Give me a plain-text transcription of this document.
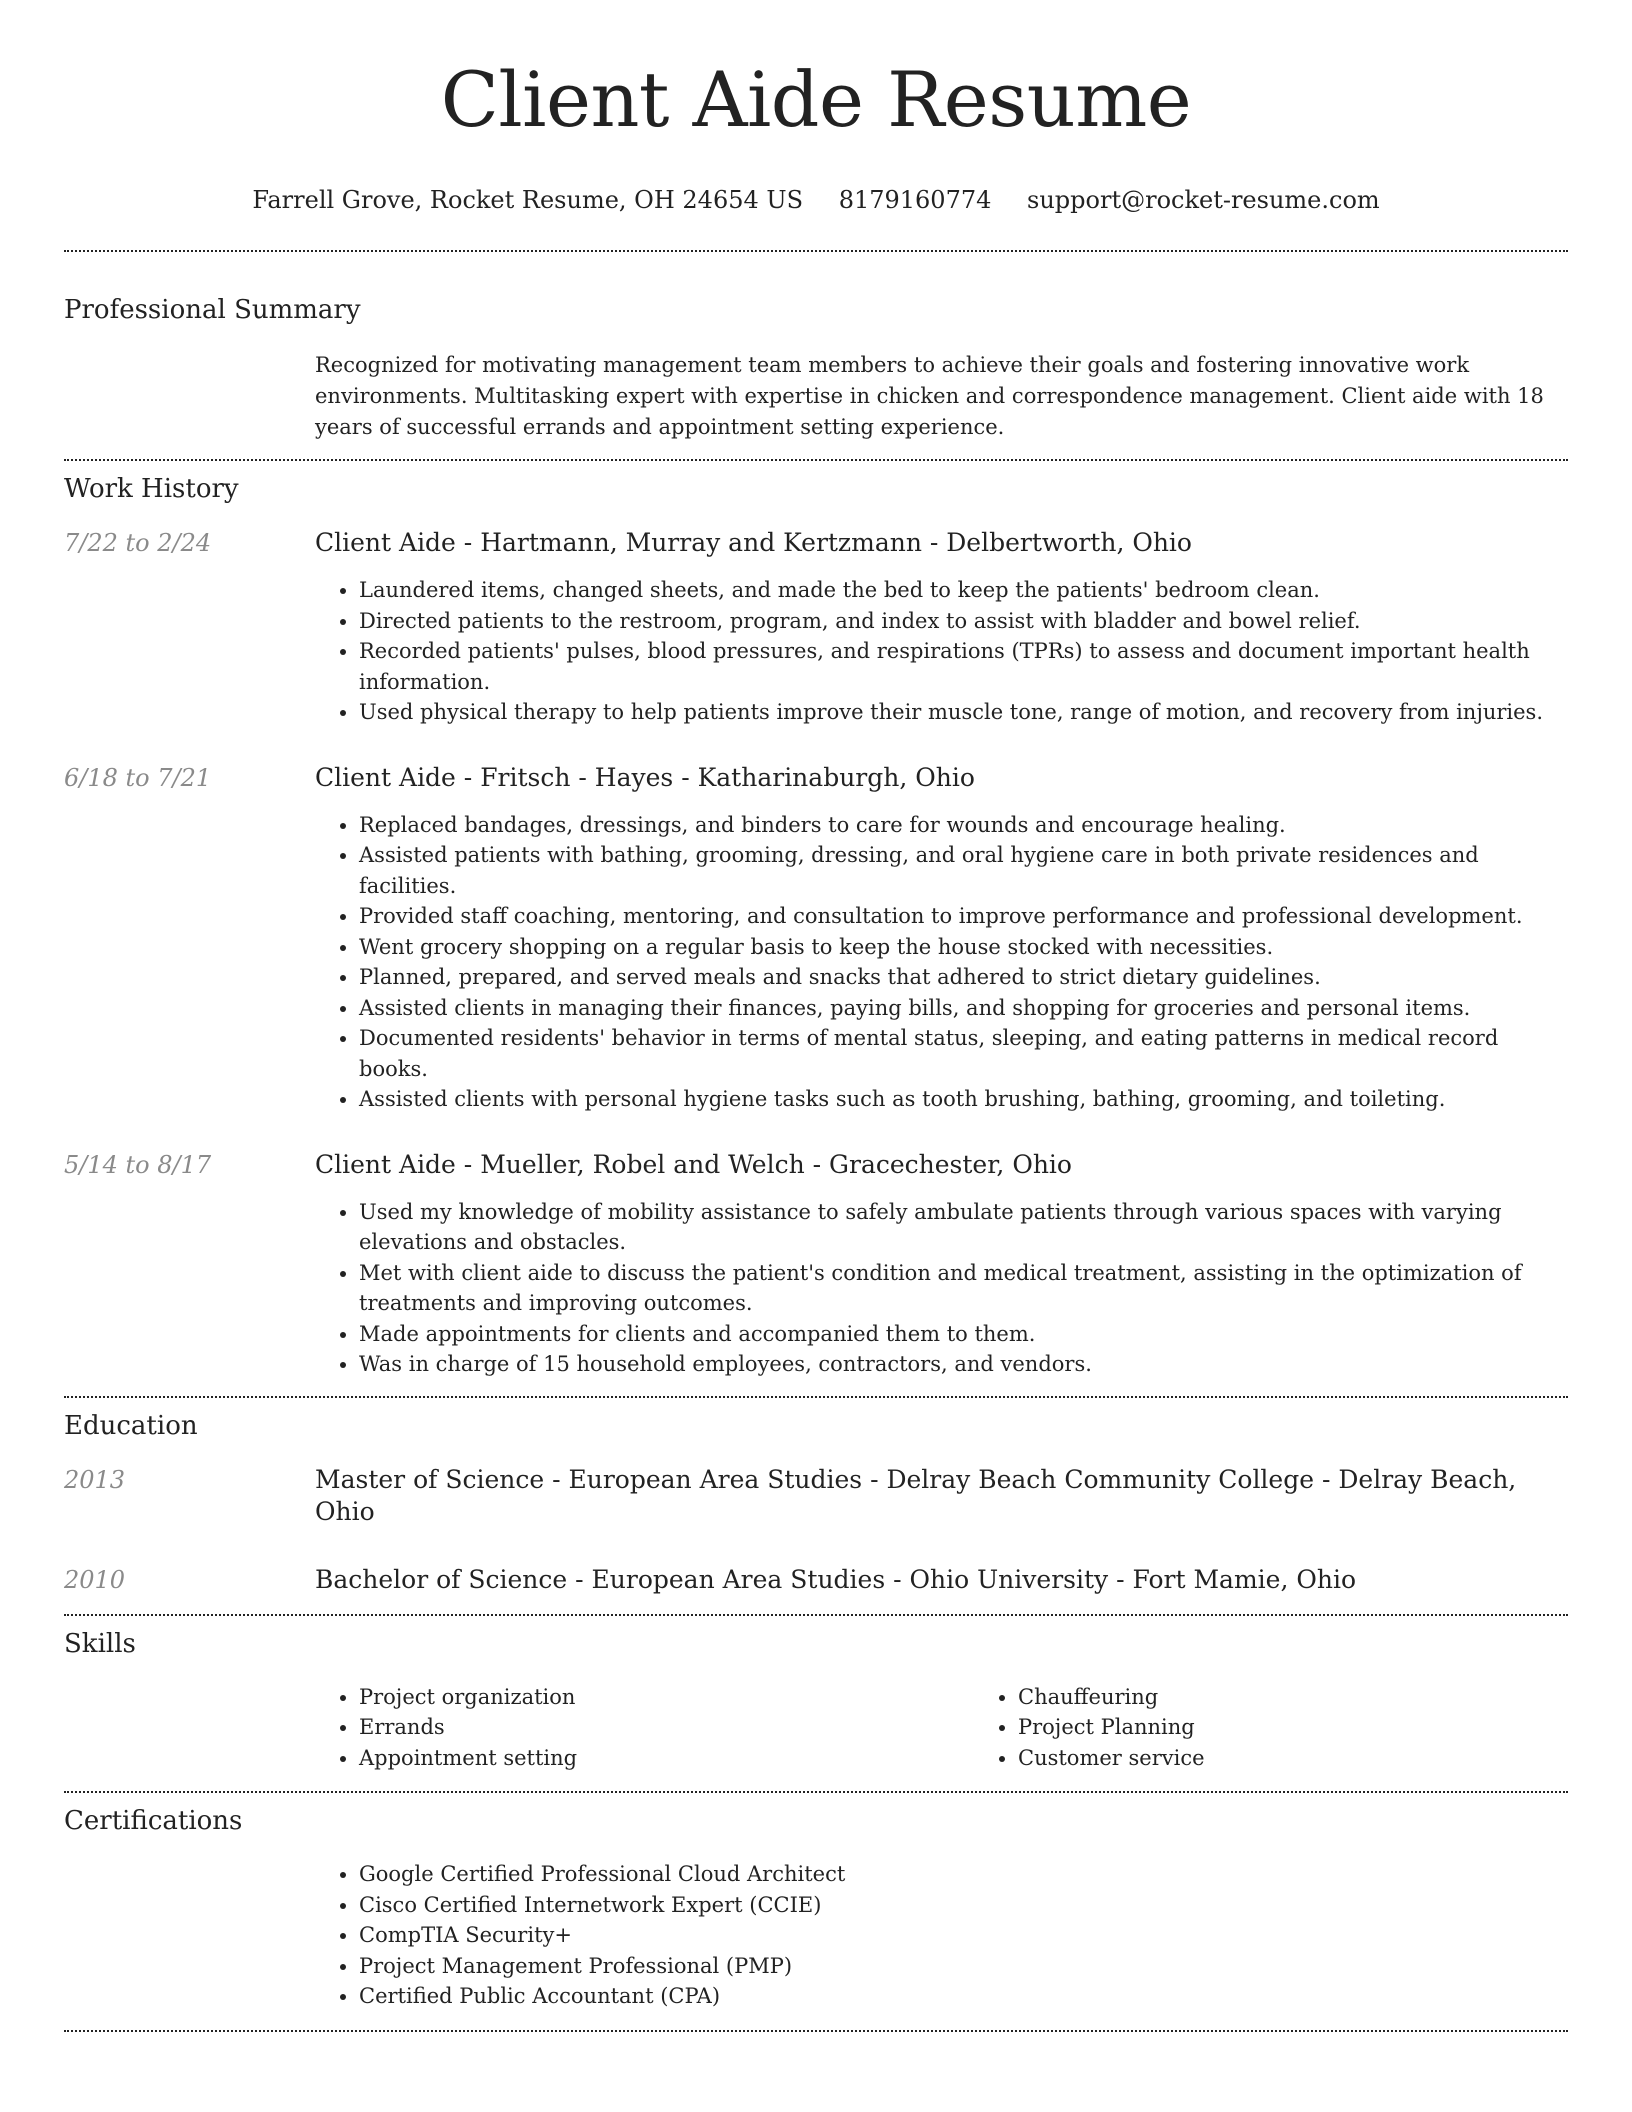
Client Aide Resume
Farrell Grove, Rocket Resume, OH 24654 US 8179160774 support@rocket-resume.com
Professional Summary
Recognized for motivating management team members to achieve their goals and fostering innovative work environments. Multitasking expert with expertise in chicken and correspondence management. Client aide with 18 years of successful errands and appointment setting experience.
Work History
7/22 to 2/24	Client Aide - Hartmann, Murray and Kertzmann - Delbertworth, Ohio
• Laundered items, changed sheets, and made the bed to keep the patients' bedroom clean.
• Directed patients to the restroom, program, and index to assist with bladder and bowel relief.
• Recorded patients' pulses, blood pressures, and respirations (TPRs) to assess and document important health information.
• Used physical therapy to help patients improve their muscle tone, range of motion, and recovery from injuries.
6/18 to 7/21	Client Aide - Fritsch - Hayes - Katharinaburgh, Ohio
• Replaced bandages, dressings, and binders to care for wounds and encourage healing.
• Assisted patients with bathing, grooming, dressing, and oral hygiene care in both private residences and facilities.
• Provided staff coaching, mentoring, and consultation to improve performance and professional development.
• Went grocery shopping on a regular basis to keep the house stocked with necessities.
• Planned, prepared, and served meals and snacks that adhered to strict dietary guidelines.
• Assisted clients in managing their finances, paying bills, and shopping for groceries and personal items.
• Documented residents' behavior in terms of mental status, sleeping, and eating patterns in medical record books.
• Assisted clients with personal hygiene tasks such as tooth brushing, bathing, grooming, and toileting.
5/14 to 8/17	Client Aide - Mueller, Robel and Welch - Gracechester, Ohio
• Used my knowledge of mobility assistance to safely ambulate patients through various spaces with varying elevations and obstacles.
• Met with client aide to discuss the patient's condition and medical treatment, assisting in the optimization of treatments and improving outcomes.
• Made appointments for clients and accompanied them to them.
• Was in charge of 15 household employees, contractors, and vendors.
Education
2013	Master of Science - European Area Studies - Delray Beach Community College - Delray Beach, Ohio
2010	Bachelor of Science - European Area Studies - Ohio University - Fort Mamie, Ohio
Skills
• Project organization
• Errands
• Appointment setting
• Chauffeuring
• Project Planning
• Customer service
Certifications
• Google Certified Professional Cloud Architect
• Cisco Certified Internetwork Expert (CCIE)
• CompTIA Security+
• Project Management Professional (PMP)
• Certified Public Accountant (CPA)
